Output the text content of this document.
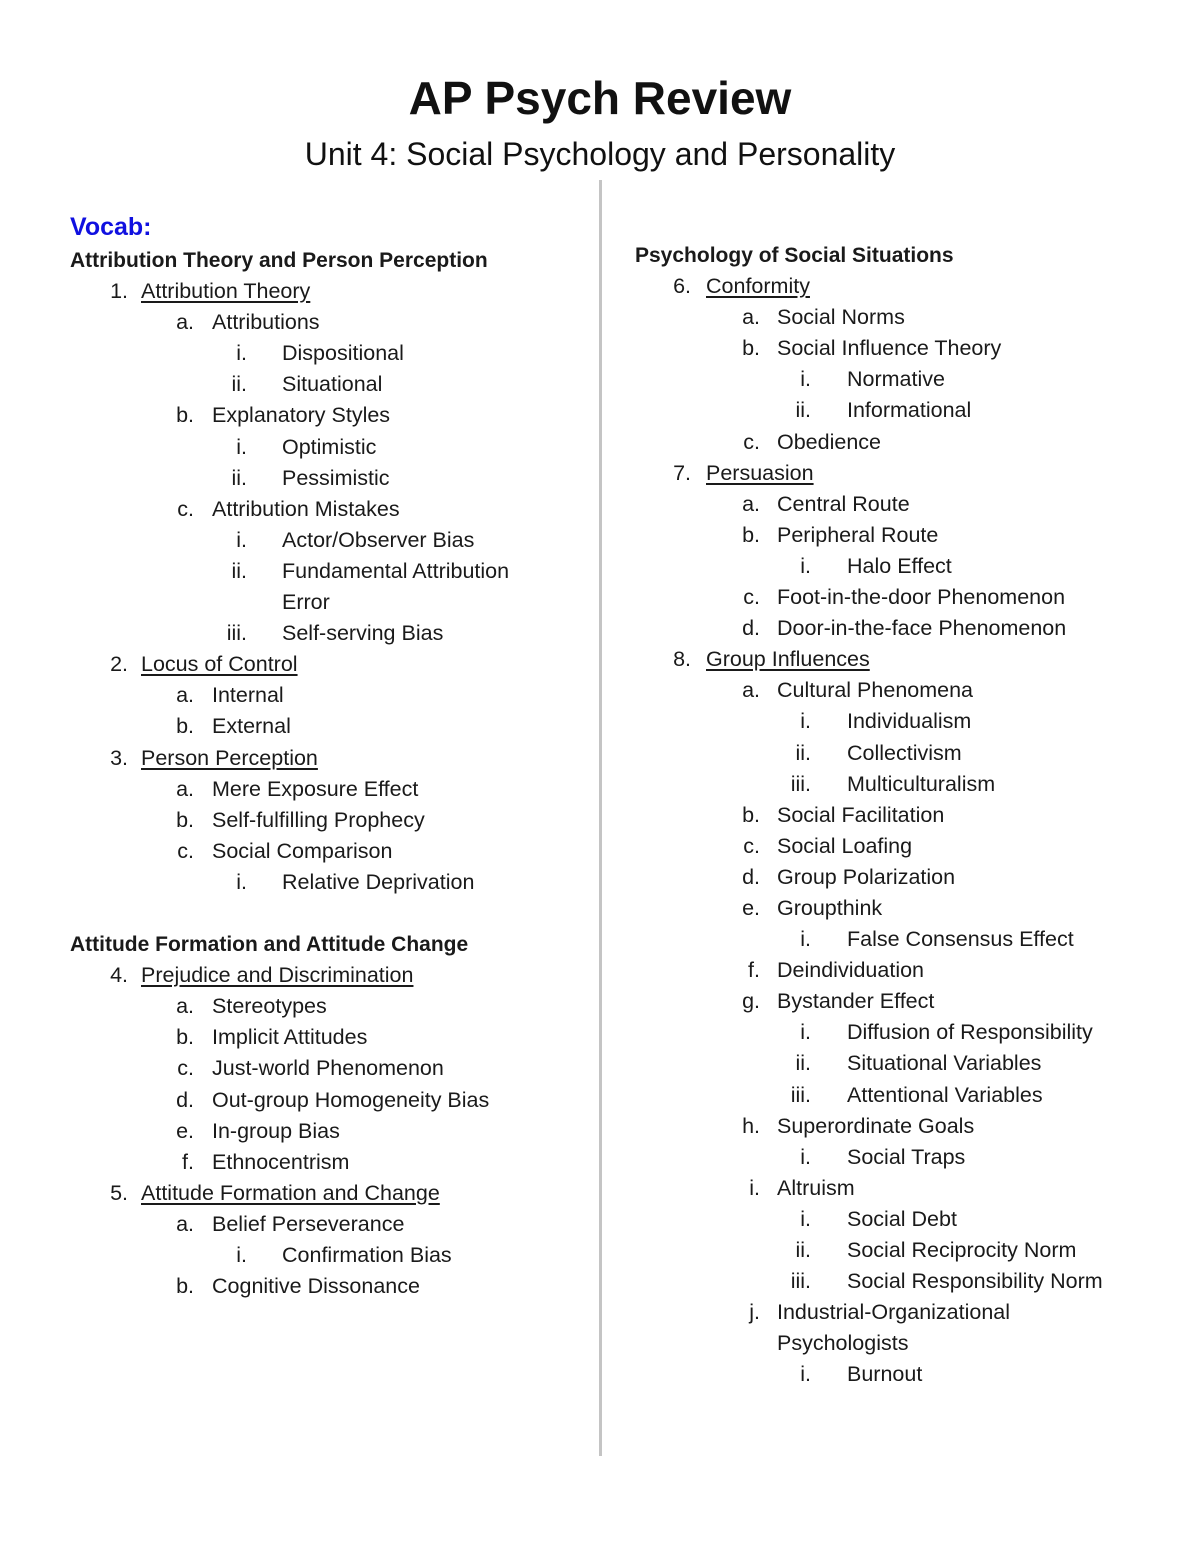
AP Psych Review
Unit 4: Social Psychology and Personality
Vocab:
Attribution Theory and Person Perception
1. Attribution Theory
a. Attributions
i. Dispositional
ii. Situational
b. Explanatory Styles
i. Optimistic
ii. Pessimistic
c. Attribution Mistakes
i. Actor/Observer Bias
ii. Fundamental Attribution
Error
iii. Self-serving Bias
2. Locus of Control
a. Internal
b. External
3. Person Perception
a. Mere Exposure Effect
b. Self-fulfilling Prophecy
c. Social Comparison
i. Relative Deprivation
Attitude Formation and Attitude Change
4. Prejudice and Discrimination
a. Stereotypes
b. Implicit Attitudes
c. Just-world Phenomenon
d. Out-group Homogeneity Bias
e. In-group Bias
f. Ethnocentrism
5. Attitude Formation and Change
a. Belief Perseverance
i. Confirmation Bias
b. Cognitive Dissonance
Psychology of Social Situations
6. Conformity
a. Social Norms
b. Social Influence Theory
i. Normative
ii. Informational
c. Obedience
7. Persuasion
a. Central Route
b. Peripheral Route
i. Halo Effect
c. Foot-in-the-door Phenomenon
d. Door-in-the-face Phenomenon
8. Group Influences
a. Cultural Phenomena
i. Individualism
ii. Collectivism
iii. Multiculturalism
b. Social Facilitation
c. Social Loafing
d. Group Polarization
e. Groupthink
i. False Consensus Effect
f. Deindividuation
g. Bystander Effect
i. Diffusion of Responsibility
ii. Situational Variables
iii. Attentional Variables
h. Superordinate Goals
i. Social Traps
i. Altruism
i. Social Debt
ii. Social Reciprocity Norm
iii. Social Responsibility Norm
j. Industrial-Organizational
Psychologists
i. Burnout
